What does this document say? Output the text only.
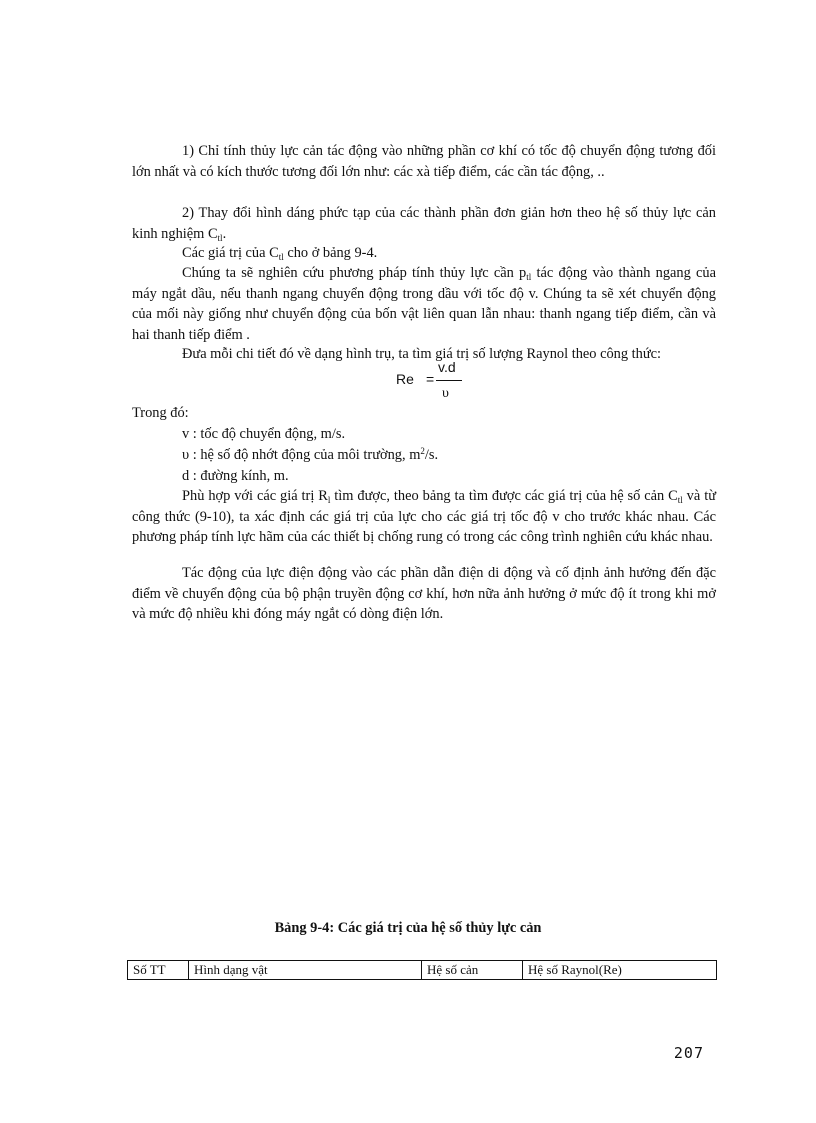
1) Chỉ tính thủy lực cản tác động vào những phần cơ khí có tốc độ chuyển động tương đối lớn nhất và có kích thước tương đối lớn như: các xà tiếp điểm, các cần tác động, ..

2) Thay đổi hình dáng phức tạp của các thành phần đơn giản hơn theo hệ số thủy lực cản kinh nghiệm $C_{tl}$.

Các giá trị của $C_{tl}$ cho ở bảng 9-4.

Chúng ta sẽ nghiên cứu phương pháp tính thủy lực cần $p_{tl}$ tác động vào thành ngang của máy ngắt dầu, nếu thanh ngang chuyển động trong dầu với tốc độ v. Chúng ta sẽ xét chuyển động của mối này giống như chuyển động của bốn vật liên quan lẫn nhau: thanh ngang tiếp điểm, cần và hai thanh tiếp điểm .

Đưa mỗi chi tiết đó về dạng hình trụ, ta tìm giá trị số lượng Raynol theo công thức:

Re =
v.d
υ
Trong đó:
v : tốc độ chuyển động, m/s.
υ : hệ số độ nhớt động của môi trường, $m^2/s$.
d : đường kính, m.

Phù hợp với các giá trị $R_l$ tìm được, theo bảng ta tìm được các giá trị của hệ số cản $C_{tl}$ và từ công thức (9-10), ta xác định các giá trị của lực cho các giá trị tốc độ v cho trước khác nhau. Các phương pháp tính lực hãm của các thiết bị chống rung có trong các công trình nghiên cứu khác nhau.

Tác động của lực điện động vào các phần dẫn điện di động và cố định ảnh hưởng đến đặc điểm về chuyển động của bộ phận truyền động cơ khí, hơn nữa ảnh hưởng ở mức độ ít trong khi mở và mức độ nhiều khi đóng máy ngắt có dòng điện lớn.

Bảng 9-4: Các giá trị của hệ số thủy lực cản
Số TT	Hình dạng vật	Hệ số cản	Hệ số Raynol(Re)
207
